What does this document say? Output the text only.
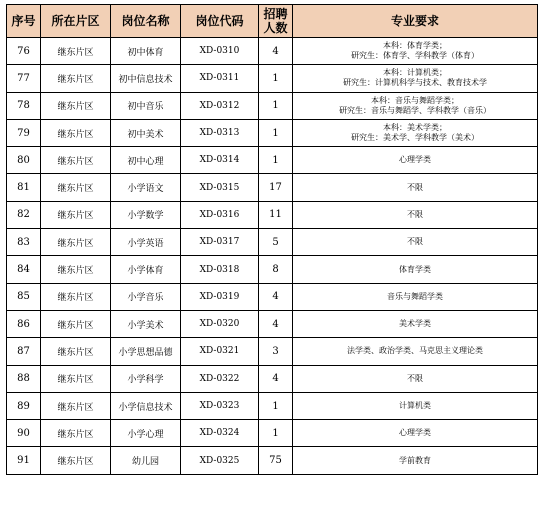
序号	所在片区	岗位名称	岗位代码	招聘
人数	专业要求
76	继东片区	初中体育	XD-0310	4	本科：体育学类；
研究生：体育学、学科教学（体育）

77	继东片区	初中信息技术	XD-0311	1	本科：计算机类；
研究生：计算机科学与技术、教育技术学

78	继东片区	初中音乐	XD-0312	1	本科：音乐与舞蹈学类；
研究生：音乐与舞蹈学、学科教学（音乐）

79	继东片区	初中美术	XD-0313	1	本科：美术学类；
研究生：美术学、学科教学（美术）

80	继东片区	初中心理	XD-0314	1	心理学类

81	继东片区	小学语文	XD-0315	17	不限

82	继东片区	小学数学	XD-0316	11	不限

83	继东片区	小学英语	XD-0317	5	不限

84	继东片区	小学体育	XD-0318	8	体育学类

85	继东片区	小学音乐	XD-0319	4	音乐与舞蹈学类

86	继东片区	小学美术	XD-0320	4	美术学类

87	继东片区	小学思想品德	XD-0321	3	法学类、政治学类、马克思主义理论类

88	继东片区	小学科学	XD-0322	4	不限

89	继东片区	小学信息技术	XD-0323	1	计算机类

90	继东片区	小学心理	XD-0324	1	心理学类

91	继东片区	幼儿园	XD-0325	75	学前教育
